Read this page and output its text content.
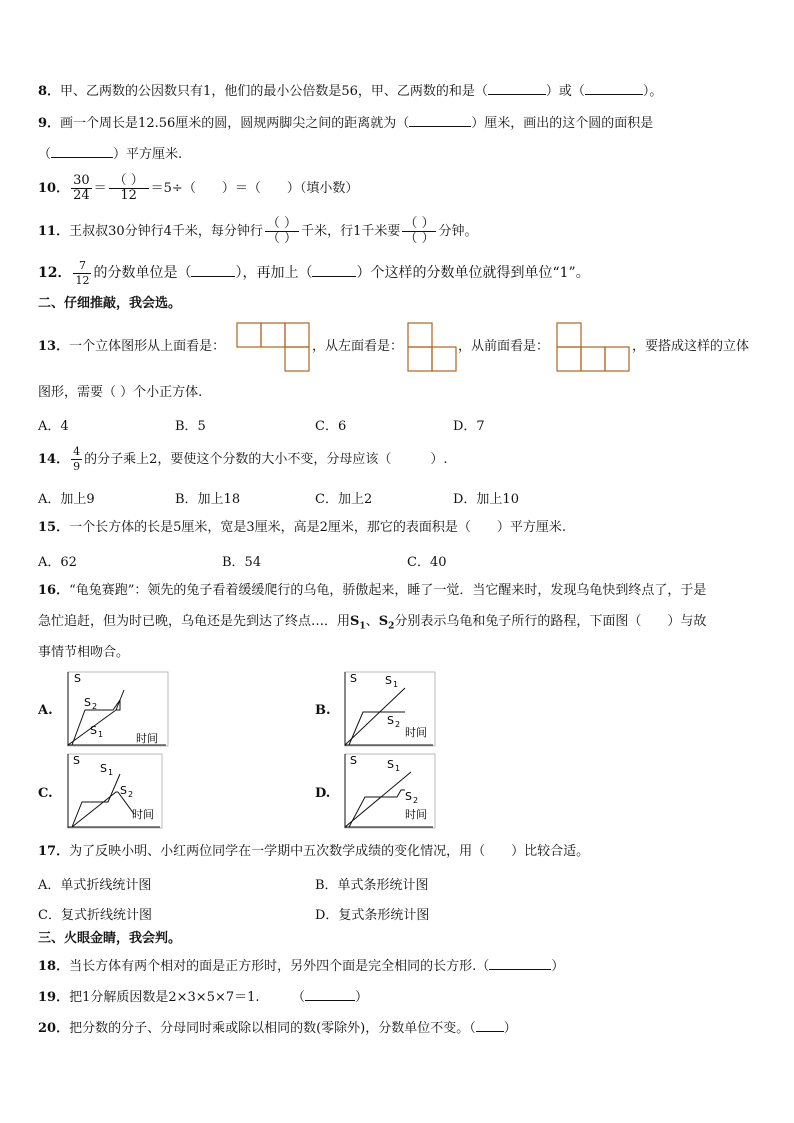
8．甲、乙两数的公因数只有1，他们的最小公倍数是56，甲、乙两数的和是（	）或（	）。
9．画一个周长是12.56厘米的圆，圆规两脚尖之间的距离就为（	）厘米，画出的这个圆的面积是
（	）平方厘米.
10． $\frac{30}{24} = \frac{( )}{12} =5\div$（　　）＝（　　）（填小数）
11．王叔叔30分钟行4千米，每分钟行 $\frac{( )}{( )}$ 千米，行1千米要 $\frac{( )}{( )}$ 分钟。
12． $\frac{7}{12}$ 的分数单位是（	），再加上（	）个这样的分数单位就得到单位“1”。
二、仔细推敲，我会选。
13．一个立体图形从上面看是：	，从左面看是：	，从前面看是：	，要搭成这样的立体
图形，需要（ ）个小正方体.
A．4	B．5	C．6	D．7
14． $\frac{4}{9}$ 的分子乘上2，要使这个分数的大小不变，分母应该（　　　）.
A．加上9	B．加上18	C．加上2	D．加上10
15．一个长方体的长是5厘米，宽是3厘米，高是2厘米，那它的表面积是（　　）平方厘米.
A．62	B．54	C．40
16．“龟兔赛跑”：领先的兔子看着缓缓爬行的乌龟，骄傲起来，睡了一觉．当它醒来时，发现乌龟快到终点了，于是
急忙追赶，但为时已晚，乌龟还是先到达了终点…．用$S_1$、$S_2$分别表示乌龟和兔子所行的路程，下面图（　　）与故
事情节相吻合。
A.
S
时间
S 2
S 1
B.
S
时间
S 1
S 2
C.
S
时间
S 1
S 2	D.
S
时间
S 1
S 2
17．为了反映小明、小红两位同学在一学期中五次数学成绩的变化情况，用（　　）比较合适。
A．单式折线统计图	B．单式条形统计图
C．复式折线统计图	D．复式条形统计图
三、火眼金睛，我会判。
18．当长方体有两个相对的面是正方形时，另外四个面是完全相同的长方形.（	）
19．把1分解质因数是2×3×5×7＝1.　　　（	）
20．把分数的分子、分母同时乘或除以相同的数(零除外)，分数单位不变。（ ）
